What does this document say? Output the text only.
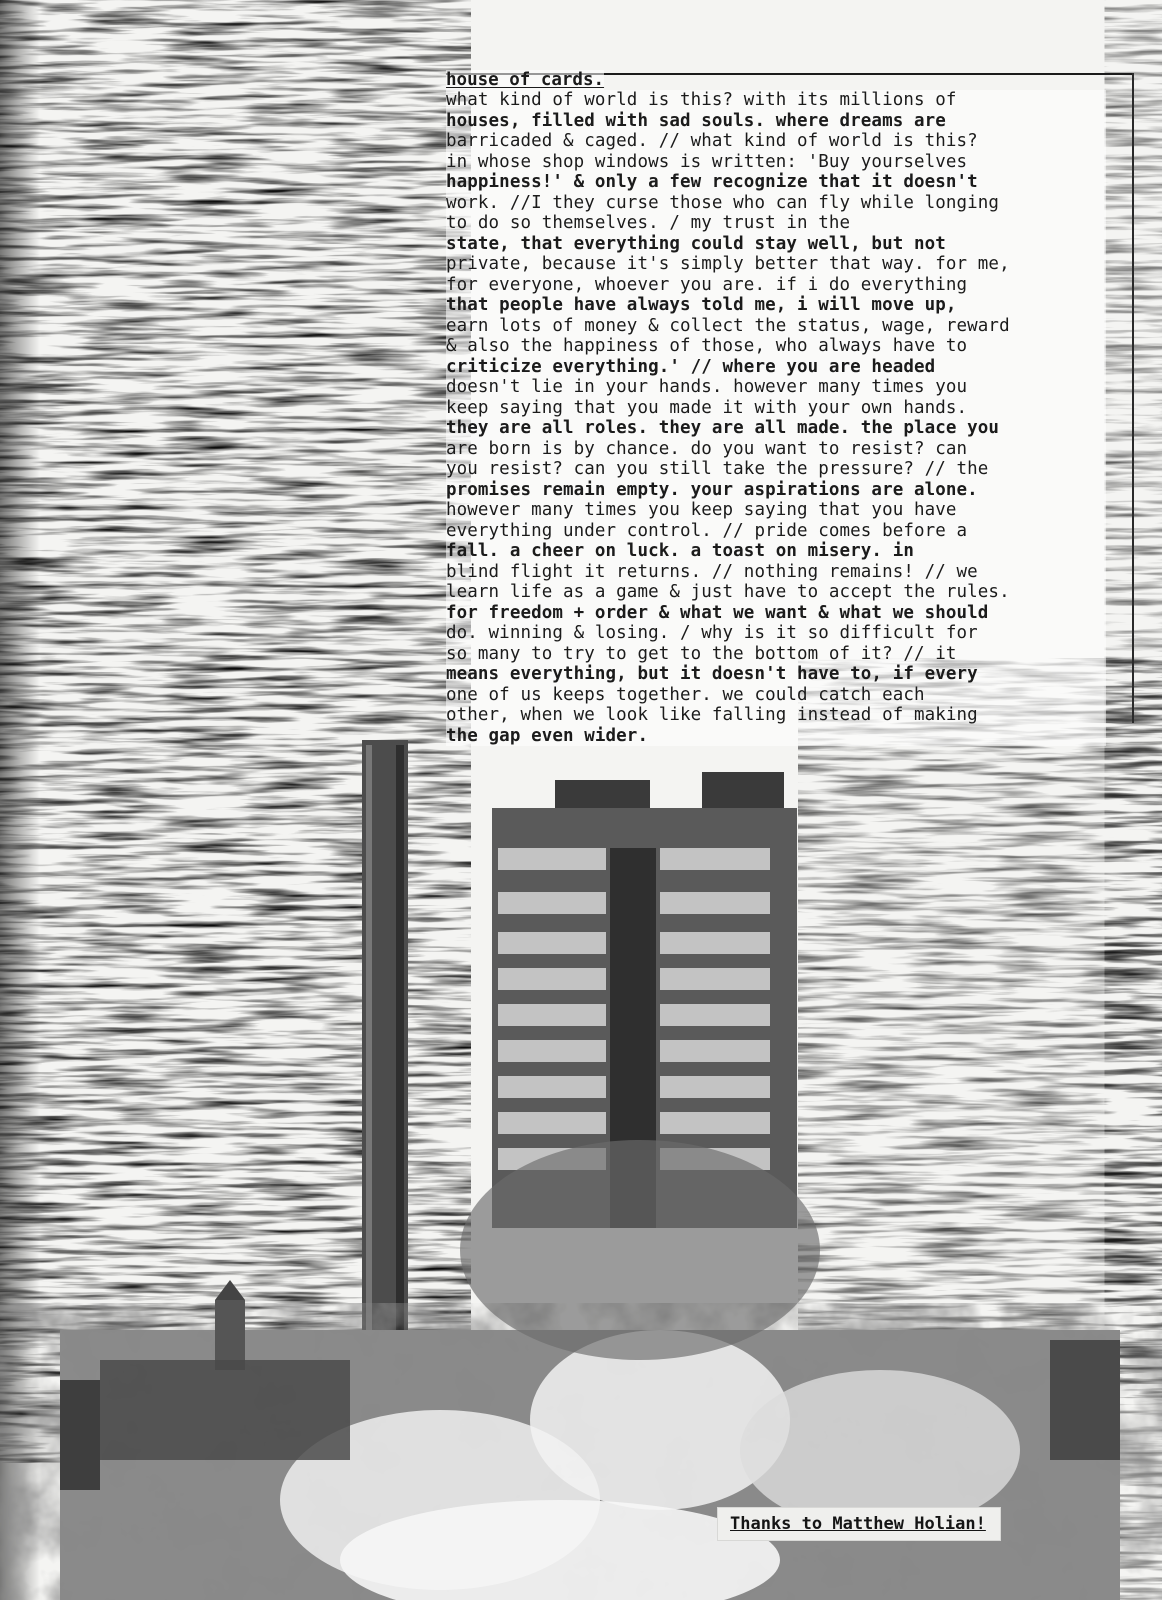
house of cards.
what kind of world is this? with its millions of
houses, filled with sad souls. where dreams are
barricaded & caged. // what kind of world is this?
in whose shop windows is written: 'Buy yourselves
happiness!' & only a few recognize that it doesn't
work. //I they curse those who can fly while longing
to do so themselves. / my trust in the
state, that everything could stay well, but not
private, because it's simply better that way. for me,
for everyone, whoever you are. if i do everything
that people have always told me, i will move up,
earn lots of money & collect the status, wage, reward
& also the happiness of those, who always have to
criticize everything.' // where you are headed
doesn't lie in your hands. however many times you
keep saying that you made it with your own hands.
they are all roles. they are all made. the place you
are born is by chance. do you want to resist? can
you resist? can you still take the pressure? // the
promises remain empty. your aspirations are alone.
however many times you keep saying that you have
everything under control. // pride comes before a
fall. a cheer on luck. a toast on misery. in
blind flight it returns. // nothing remains! // we
learn life as a game & just have to accept the rules.
for freedom + order & what we want & what we should
do. winning & losing. / why is it so difficult for
so many to try to get to the bottom of it? // it
means everything, but it doesn't have to, if every
one of us keeps together. we could catch each
other, when we look like falling instead of making
the gap even wider.
Thanks to Matthew Holian!
